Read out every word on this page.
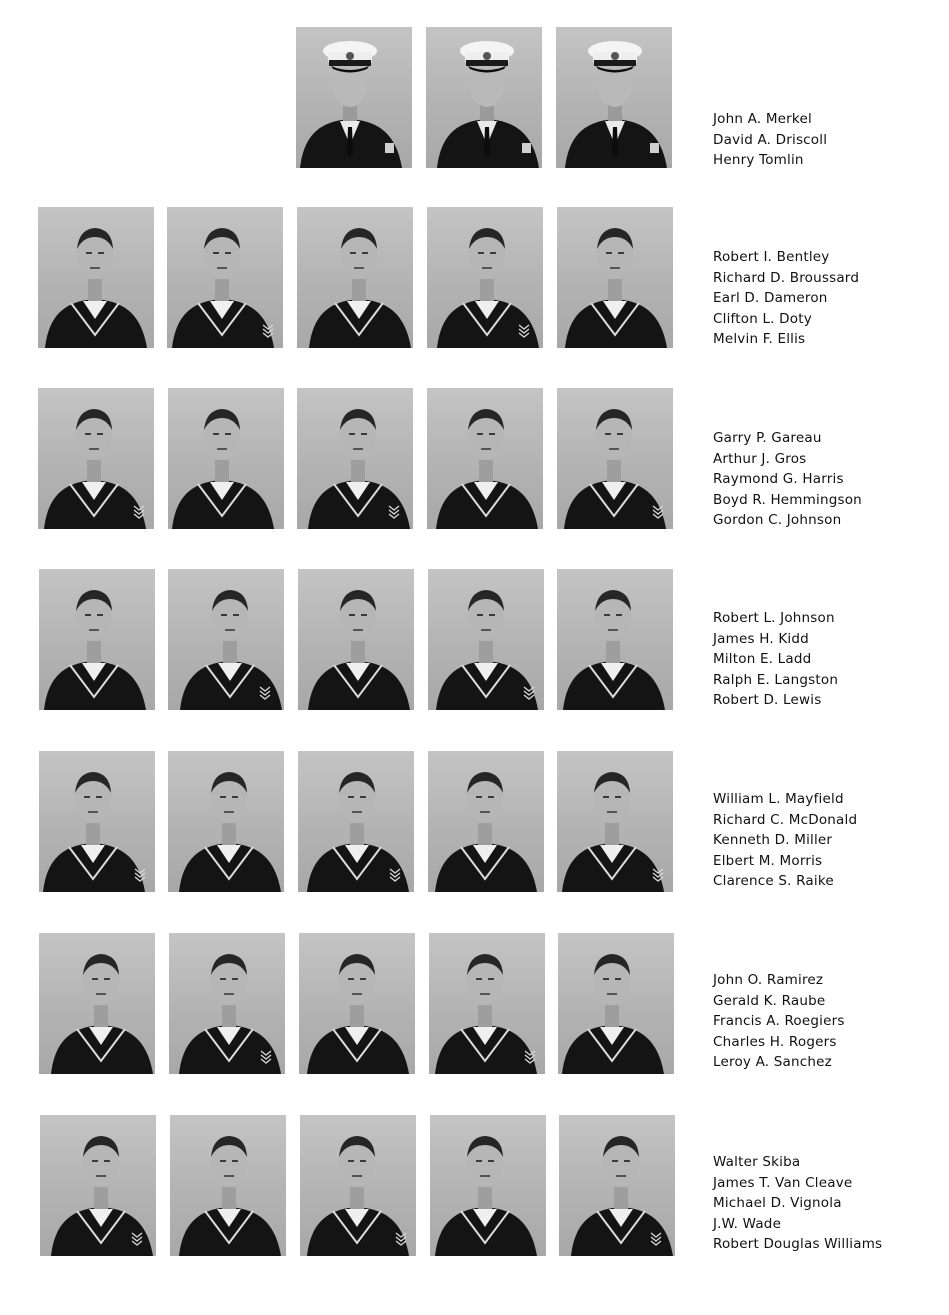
John A. Merkel
David A. Driscoll
Henry Tomlin
Robert I. Bentley
Richard D. Broussard
Earl D. Dameron
Clifton L. Doty
Melvin F. Ellis
Garry P. Gareau
Arthur J. Gros
Raymond G. Harris
Boyd R. Hemmingson
Gordon C. Johnson
Robert L. Johnson
James H. Kidd
Milton E. Ladd
Ralph E. Langston
Robert D. Lewis
William L. Mayfield
Richard C. McDonald
Kenneth D. Miller
Elbert M. Morris
Clarence S. Raike
John O. Ramirez
Gerald K. Raube
Francis A. Roegiers
Charles H. Rogers
Leroy A. Sanchez
Walter Skiba
James T. Van Cleave
Michael D. Vignola
J.W. Wade
Robert Douglas Williams
